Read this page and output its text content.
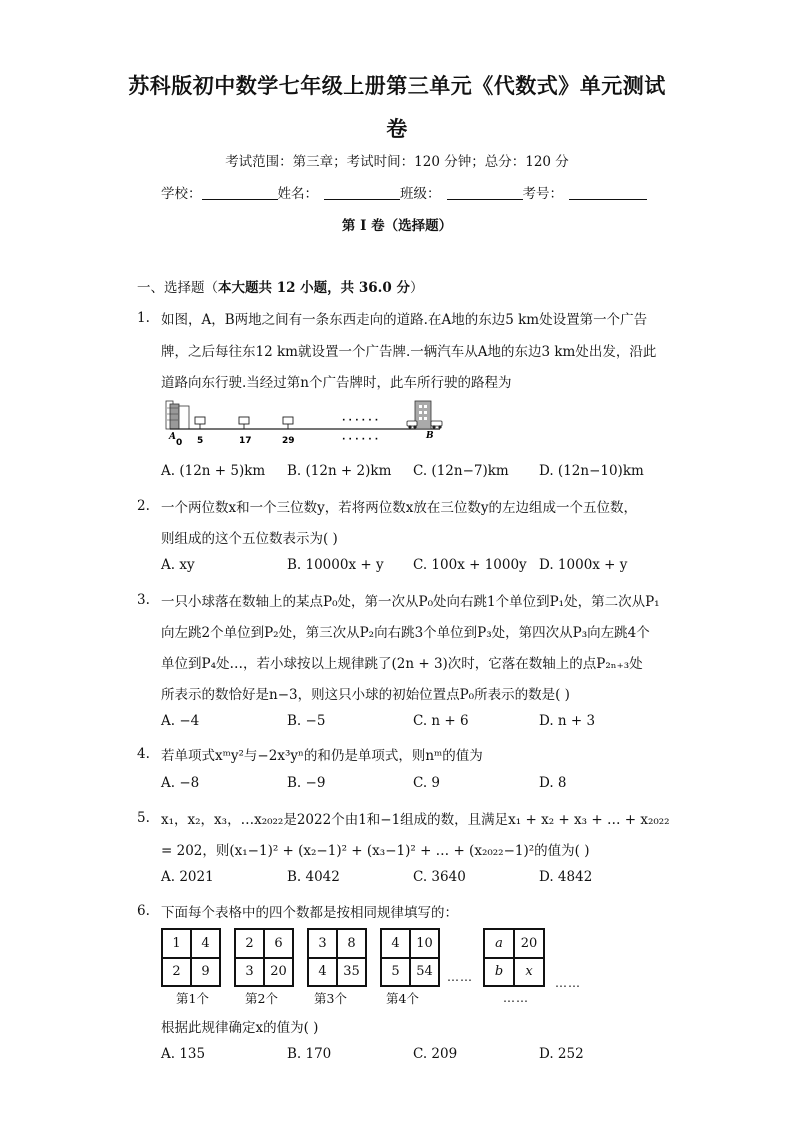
苏科版初中数学七年级上册第三单元《代数式》单元测试
卷
考试范围：第三章；考试时间：120 分钟；总分：120 分
学校：	姓名：	班级：	考号：
第 I 卷（选择题）
一、选择题（本大题共 12 小题，共 36.0 分）
1. 如图，A，B两地之间有一条东西走向的道路.在A地的东边5 km处设置第一个广告
牌，之后每往东12 km就设置一个广告牌.一辆汽车从A地的东边3 km处出发，沿此
道路向东行驶.当经过第n个广告牌时，此车所行驶的路程为
A
0 5	17	29
· · · · · ·
· · · · · ·	B
A. (12n + 5)km B. (12n + 2)km C. (12n−7)km D. (12n−10)km
2. 一个两位数x和一个三位数y，若将两位数x放在三位数y的左边组成一个五位数，
则组成的这个五位数表示为( )
A. xy	B. 10000x + y C. 100x + 1000y D. 1000x + y
3. 一只小球落在数轴上的某点P₀处，第一次从P₀处向右跳1个单位到P₁处，第二次从P₁
向左跳2个单位到P₂处，第三次从P₂向右跳3个单位到P₃处，第四次从P₃向左跳4个
单位到P₄处…，若小球按以上规律跳了(2n + 3)次时，它落在数轴上的点P₂ₙ₊₃处
所表示的数恰好是n−3，则这只小球的初始位置点P₀所表示的数是( )
A. −4	B. −5	C. n + 6	D. n + 3
4. 若单项式xᵐy²与−2x³yⁿ的和仍是单项式，则nᵐ的值为
A. −8	B. −9	C. 9	D. 8
5. x₁，x₂，x₃，…x₂₀₂₂是2022个由1和−1组成的数，且满足x₁ + x₂ + x₃ + … + x₂₀₂₂
= 202，则(x₁−1)² + (x₂−1)² + (x₃−1)² + … + (x₂₀₂₂−1)²的值为( )
A. 2021	B. 4042	C. 3640	D. 4842
6. 下面每个表格中的四个数都是按相同规律填写的：
1	4
2	9
第1个
2	6
3	20
第2个
3	8
4	35
第3个
4	10
5	54
第4个
……
a	20
b	x
……
……
根据此规律确定x的值为( )
A. 135	B. 170	C. 209	D. 252
